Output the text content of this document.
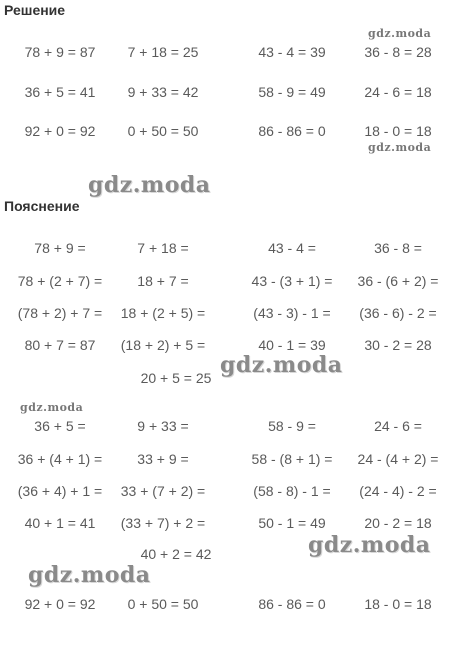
Решение
Пояснение
78 + 9 = 87 7 + 18 = 25	43 - 4 = 39	36 - 8 = 28
36 + 5 = 41 9 + 33 = 42	58 - 9 = 49	24 - 6 = 18
92 + 0 = 92 0 + 50 = 50	86 - 86 = 0	18 - 0 = 18
78 + 9 =	7 + 18 =	43 - 4 =	36 - 8 =
78 + (2 + 7) =	18 + 7 =	43 - (3 + 1) = 36 - (6 + 2) =
(78 + 2) + 7 = 18 + (2 + 5) =	(43 - 3) - 1 = (36 - 6) - 2 =
80 + 7 = 87 (18 + 2) + 5 =	40 - 1 = 39	30 - 2 = 28
20 + 5 = 25
36 + 5 =	9 + 33 =	58 - 9 =	24 - 6 =
36 + (4 + 1) =	33 + 9 =	58 - (8 + 1) = 24 - (4 + 2) =
(36 + 4) + 1 = 33 + (7 + 2) =	(58 - 8) - 1 = (24 - 4) - 2 =
40 + 1 = 41 (33 + 7) + 2 =	50 - 1 = 49	20 - 2 = 18
40 + 2 = 42
92 + 0 = 92 0 + 50 = 50	86 - 86 = 0	18 - 0 = 18
gdz.moda
gdz.moda
gdz.moda
gdz.moda
gdz.moda
gdz.moda
gdz.moda
